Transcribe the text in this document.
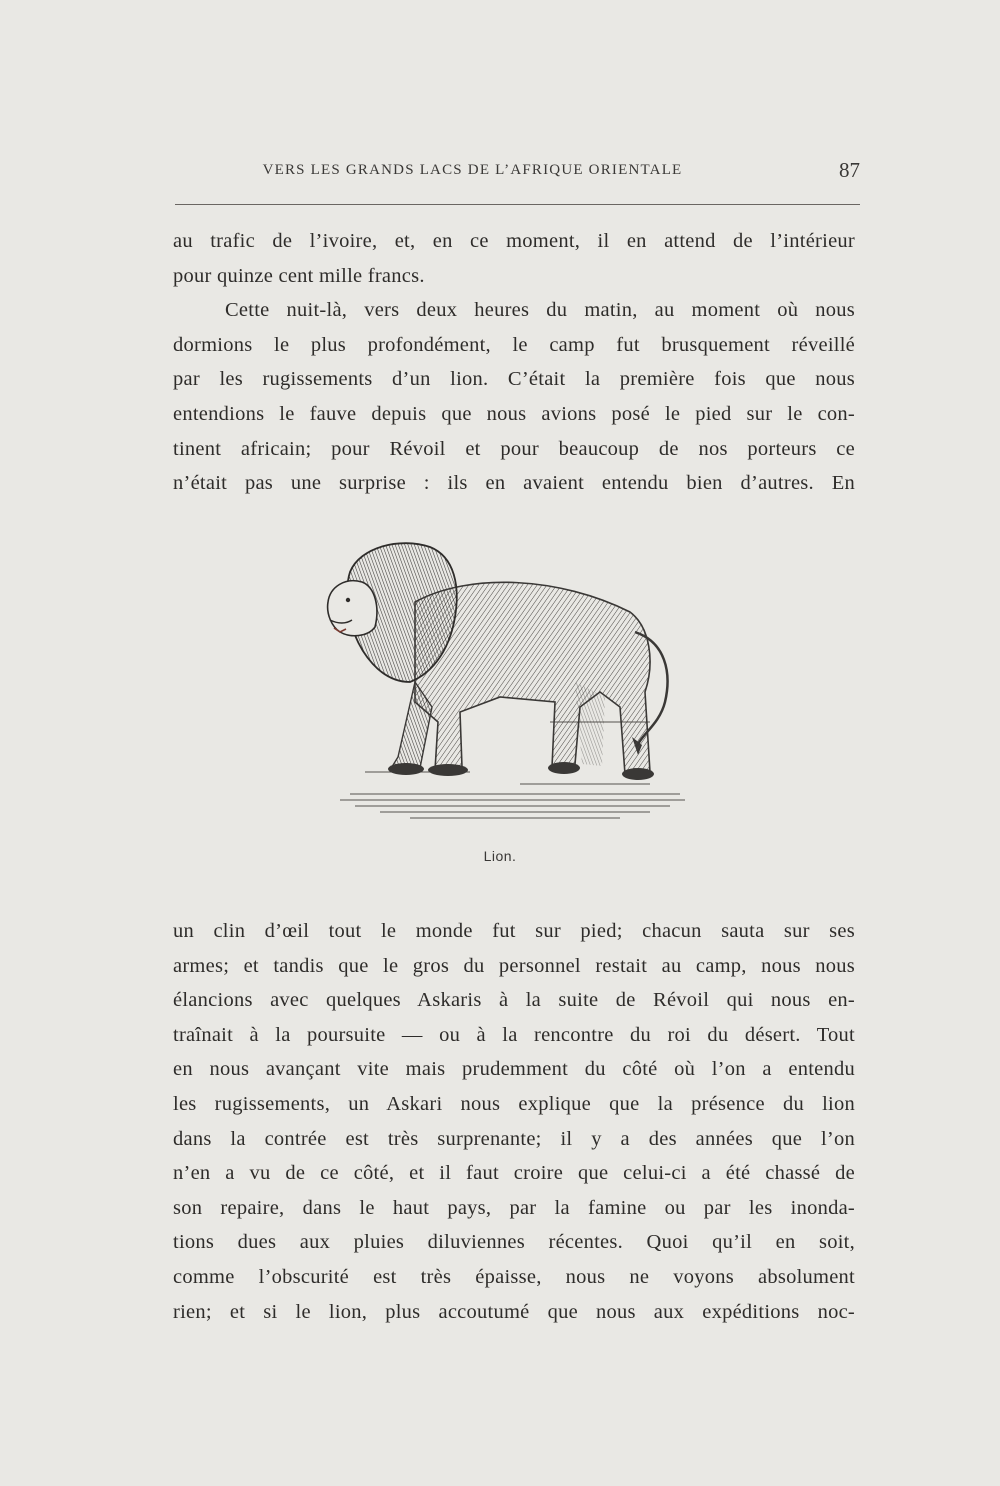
VERS LES GRANDS LACS DE L’AFRIQUE ORIENTALE	87
au trafic de l’ivoire, et, en ce moment, il en attend de l’intérieur
pour quinze cent mille francs.
Cette nuit-là, vers deux heures du matin, au moment où nous
dormions le plus profondément, le camp fut brusquement réveillé
par les rugissements d’un lion. C’était la première fois que nous
entendions le fauve depuis que nous avions posé le pied sur le con-
tinent africain; pour Révoil et pour beaucoup de nos porteurs ce
n’était pas une surprise : ils en avaient entendu bien d’autres. En
Lion.
un clin d’œil tout le monde fut sur pied; chacun sauta sur ses
armes; et tandis que le gros du personnel restait au camp, nous nous
élancions avec quelques Askaris à la suite de Révoil qui nous en-
traînait à la poursuite — ou à la rencontre du roi du désert. Tout
en nous avançant vite mais prudemment du côté où l’on a entendu
les rugissements, un Askari nous explique que la présence du lion
dans la contrée est très surprenante; il y a des années que l’on
n’en a vu de ce côté, et il faut croire que celui-ci a été chassé de
son repaire, dans le haut pays, par la famine ou par les inonda-
tions dues aux pluies diluviennes récentes. Quoi qu’il en soit,
comme l’obscurité est très épaisse, nous ne voyons absolument
rien; et si le lion, plus accoutumé que nous aux expéditions noc-
